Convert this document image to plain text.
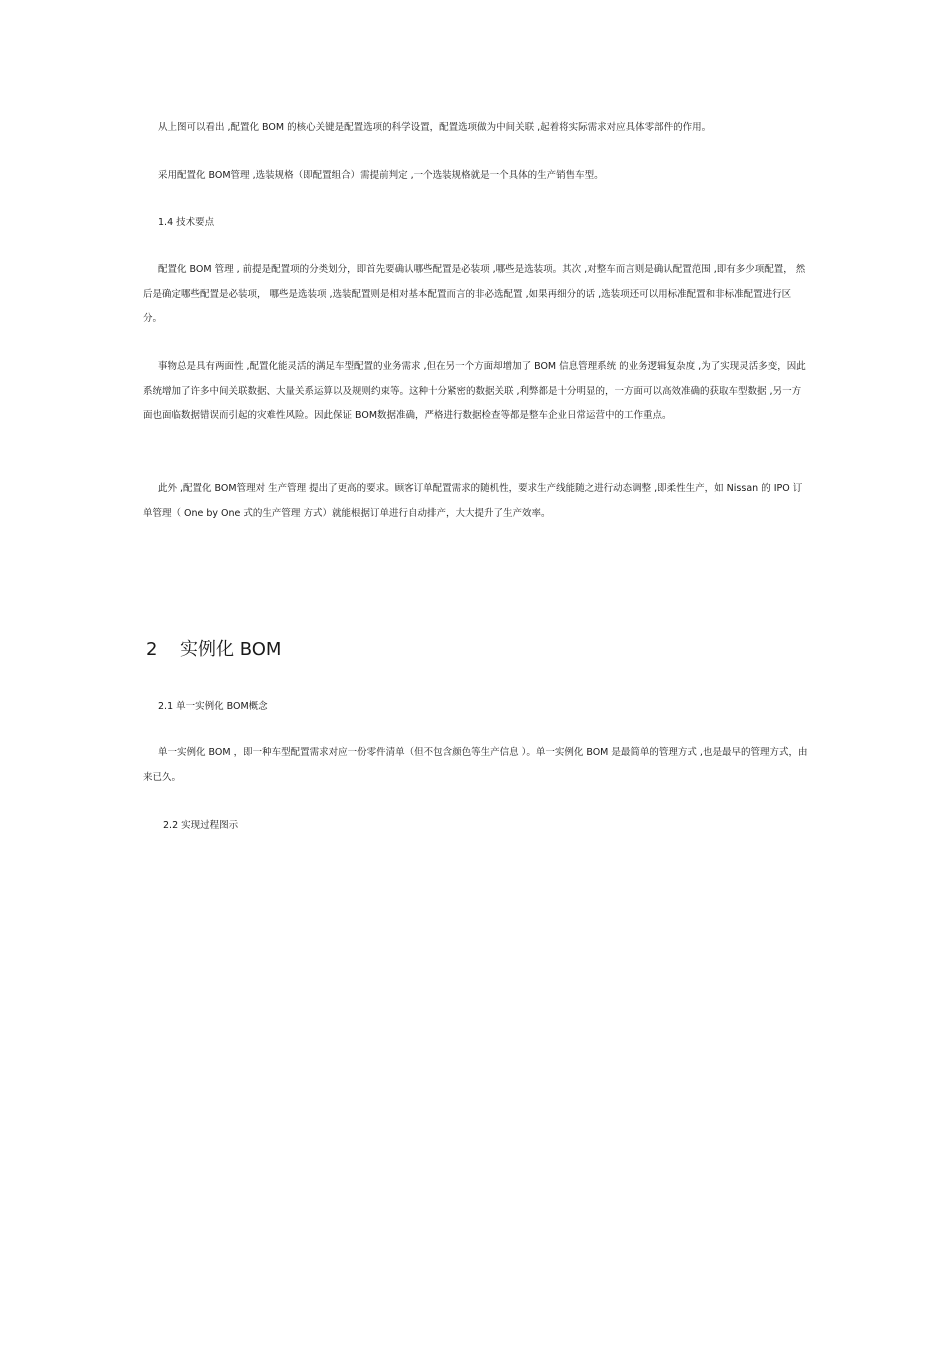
从上图可以看出 ,配置化 BOM 的核心关键是配置选项的科学设置，配置选项做为中间关联 ,起着将实际需求对应具体零部件的作用。

采用配置化 BOM管理 ,选装规格（即配置组合）需提前判定 ,一个选装规格就是一个具体的生产销售车型。

1.4 技术要点

配置化 BOM 管理 , 前提是配置项的分类划分，即首先要确认哪些配置是必装项 ,哪些是选装项。其次 ,对整车而言则是确认配置范围 ,即有多少项配置， 然后是确定哪些配置是必装项， 哪些是选装项 ,选装配置则是相对基本配置而言的非必选配置 ,如果再细分的话 ,选装项还可以用标准配置和非标准配置进行区分。

事物总是具有两面性 ,配置化能灵活的满足车型配置的业务需求 ,但在另一个方面却增加了 BOM 信息管理系统 的业务逻辑复杂度 ,为了实现灵活多变，因此系统增加了许多中间关联数据、大量关系运算以及规则约束等。这种十分紧密的数据关联 ,利弊都是十分明显的，一方面可以高效准确的获取车型数据 ,另一方面也面临数据错误而引起的灾难性风险。因此保证 BOM数据准确，严格进行数据检查等都是整车企业日常运营中的工作重点。

此外 ,配置化 BOM管理对 生产管理 提出了更高的要求。顾客订单配置需求的随机性，要求生产线能随之进行动态调整 ,即柔性生产，如 Nissan 的 IPO 订单管理（ One by One 式的生产管理 方式）就能根据订单进行自动排产，大大提升了生产效率。

2 实例化 BOM

2.1 单一实例化 BOM概念

单一实例化 BOM ，即一种车型配置需求对应一份零件清单（但不包含颜色等生产信息 ）。单一实例化 BOM 是最简单的管理方式 ,也是最早的管理方式，由来已久。

2.2 实现过程图示
